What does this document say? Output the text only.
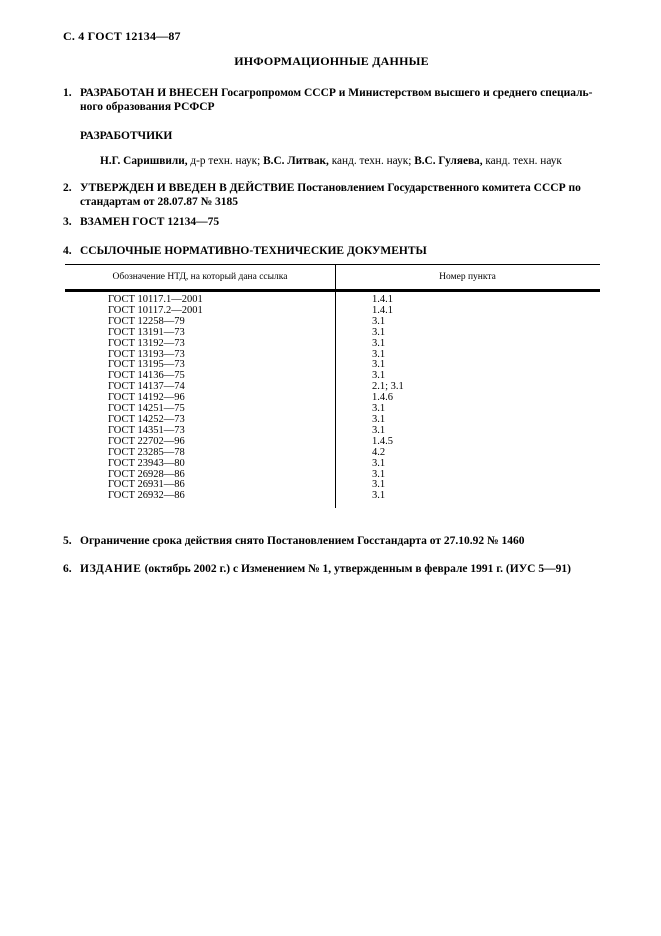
С. 4 ГОСТ 12134—87
ИНФОРМАЦИОННЫЕ ДАННЫЕ
1. РАЗРАБОТАН И ВНЕСЕН Госагропромом СССР и Министерством высшего и среднего специаль-
ного образования РСФСР
РАЗРАБОТЧИКИ
Н.Г. Саришвили, д-р техн. наук; В.С. Литвак, канд. техн. наук; В.С. Гуляева, канд. техн. наук
2. УТВЕРЖДЕН И ВВЕДЕН В ДЕЙСТВИЕ Постановлением Государственного комитета СССР по
стандартам от 28.07.87 № 3185
3. ВЗАМЕН ГОСТ 12134—75
4. ССЫЛОЧНЫЕ НОРМАТИВНО-ТЕХНИЧЕСКИЕ ДОКУМЕНТЫ
Обозначение НТД, на который дана ссылка	Номер пункта
ГОСТ 10117.1—2001	1.4.1
ГОСТ 10117.2—2001	1.4.1
ГОСТ 12258—79	3.1
ГОСТ 13191—73	3.1
ГОСТ 13192—73	3.1
ГОСТ 13193—73	3.1
ГОСТ 13195—73	3.1
ГОСТ 14136—75	3.1
ГОСТ 14137—74	2.1; 3.1
ГОСТ 14192—96	1.4.6
ГОСТ 14251—75	3.1
ГОСТ 14252—73	3.1
ГОСТ 14351—73	3.1
ГОСТ 22702—96	1.4.5
ГОСТ 23285—78	4.2
ГОСТ 23943—80	3.1
ГОСТ 26928—86	3.1
ГОСТ 26931—86	3.1
ГОСТ 26932—86	3.1
5. Ограничение срока действия снято Постановлением Госстандарта от 27.10.92 № 1460
6. ИЗДАНИЕ (октябрь 2002 г.) с Изменением № 1, утвержденным в феврале 1991 г. (ИУС 5—91)
